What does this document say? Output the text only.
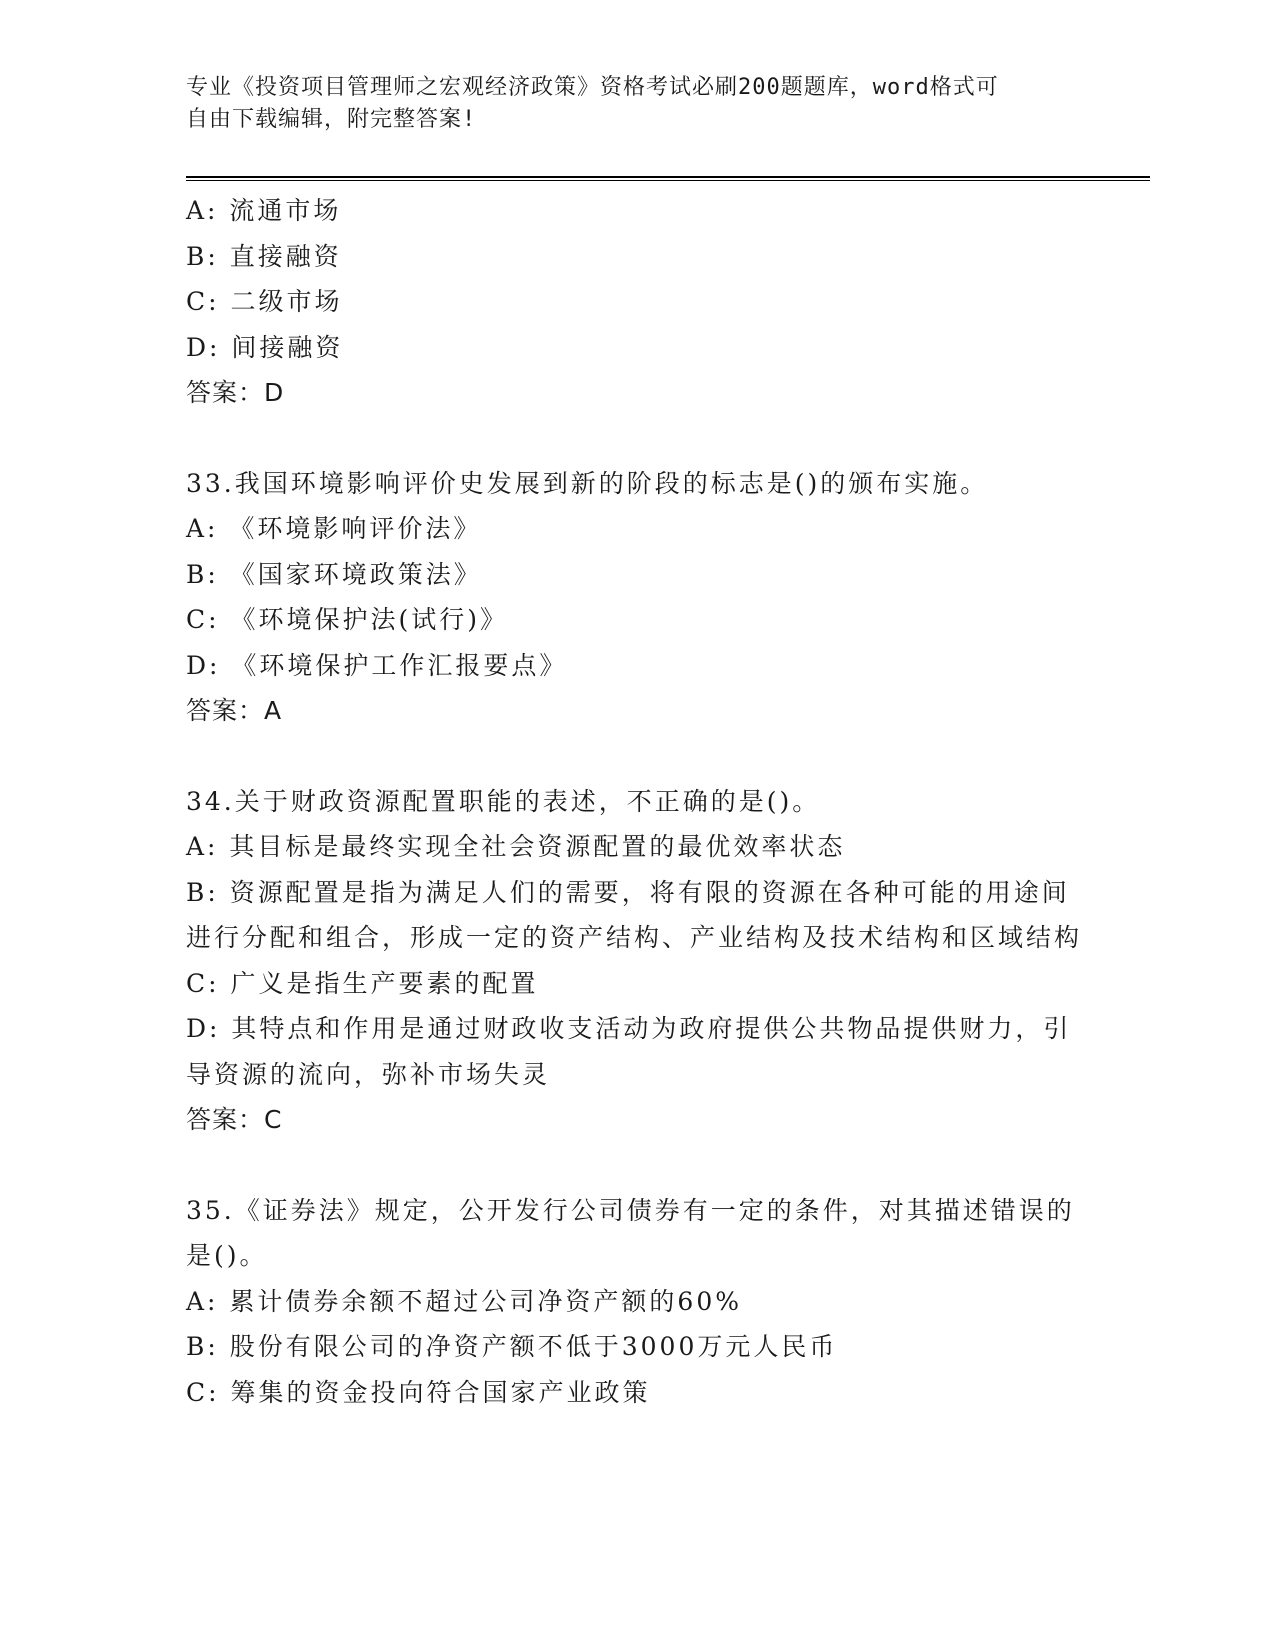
专业《投资项目管理师之宏观经济政策》资格考试必刷200题题库，word格式可
自由下载编辑，附完整答案!
A: 流通市场
B: 直接融资
C: 二级市场
D: 间接融资
答案：D
33.我国环境影响评价史发展到新的阶段的标志是()的颁布实施。
A: 《环境影响评价法》
B: 《国家环境政策法》
C: 《环境保护法(试行)》
D: 《环境保护工作汇报要点》
答案：A
34.关于财政资源配置职能的表述，不正确的是()。
A: 其目标是最终实现全社会资源配置的最优效率状态
B: 资源配置是指为满足人们的需要，将有限的资源在各种可能的用途间进行分配和组合，形成一定的资产结构、产业结构及技术结构和区域结构
C: 广义是指生产要素的配置
D: 其特点和作用是通过财政收支活动为政府提供公共物品提供财力，引导资源的流向，弥补市场失灵
答案：C
35.《证券法》规定，公开发行公司债券有一定的条件，对其描述错误的是()。
A: 累计债券余额不超过公司净资产额的60%
B: 股份有限公司的净资产额不低于3000万元人民币
C: 筹集的资金投向符合国家产业政策
